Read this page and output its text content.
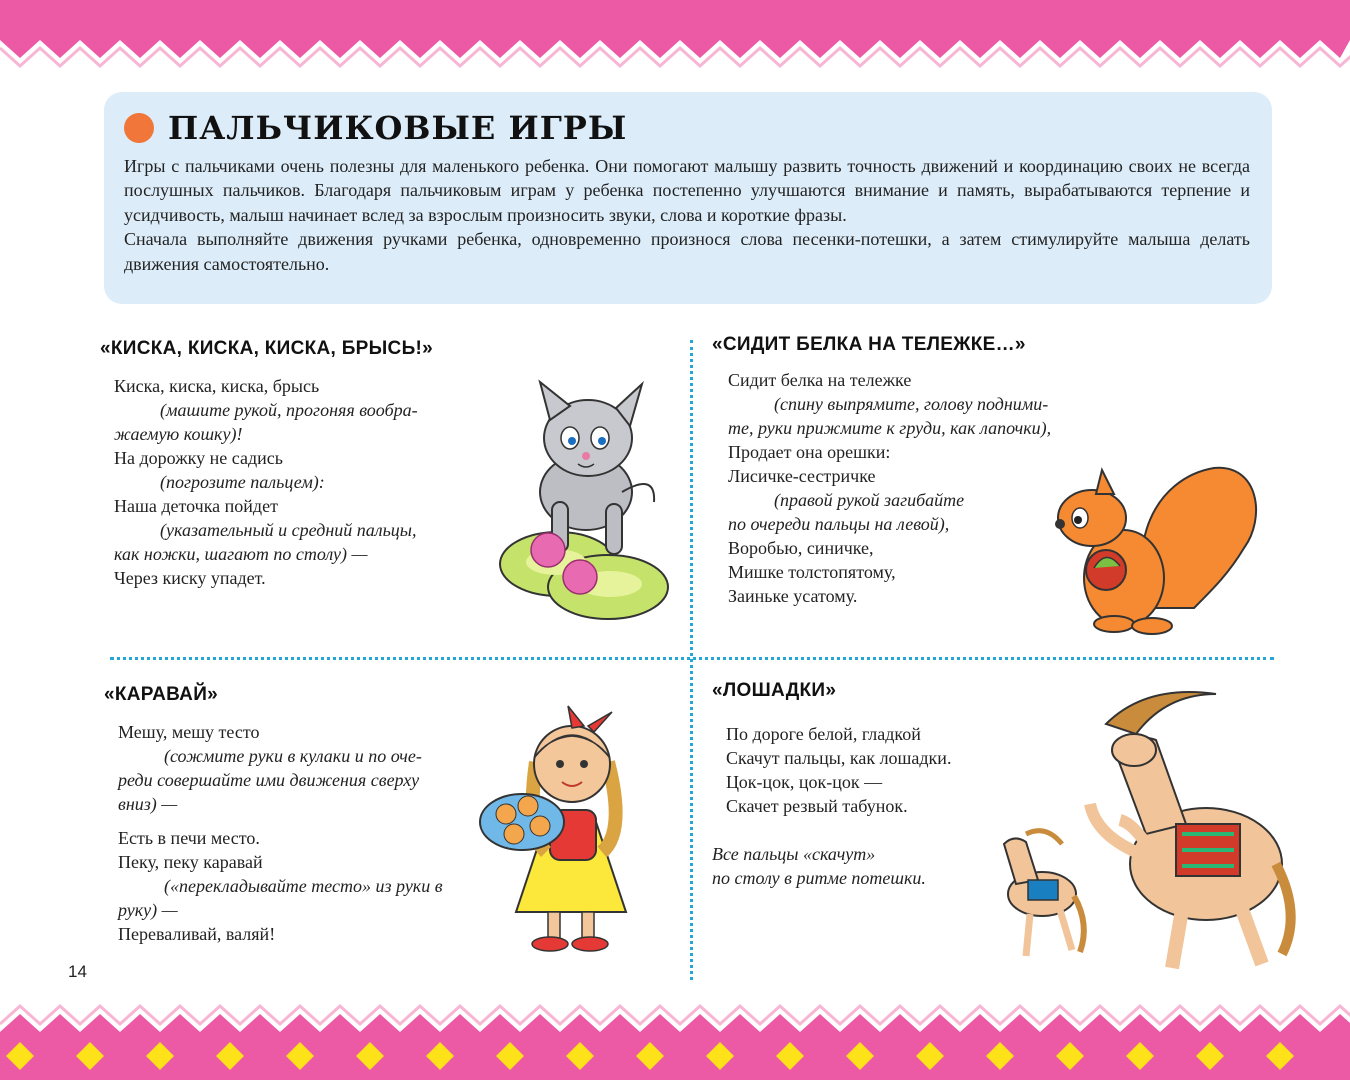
ПАЛЬЧИКОВЫЕ ИГРЫ

Игры с пальчиками очень полезны для маленького ребенка. Они помогают малышу развить точность движений и координацию своих не всегда послушных пальчиков. Благодаря пальчиковым играм у ребенка постепенно улучшаются внимание и память, вырабатываются терпение и усидчивость, малыш начинает вслед за взрослым произносить звуки, слова и короткие фразы.

Сначала выполняйте движения ручками ребенка, одновременно произнося слова песенки-потешки, а затем стимулируйте малыша делать движения самостоятельно.

«КИСКА, КИСКА, КИСКА, БРЫСЬ!»
Киска, киска, киска, брысь
(машите рукой, прогоняя вообра-
жаемую кошку)!
На дорожку не садись
(погрозите пальцем):
Наша деточка пойдет
(указательный и средний пальцы,
как ножки, шагают по столу) —
Через киску упадет.
«СИДИТ БЕЛКА НА ТЕЛЕЖКЕ…»
Сидит белка на тележке
(спину выпрямите, голову подними-
те, руки прижмите к груди, как лапочки),
Продает она орешки:
Лисичке-сестричке
(правой рукой загибайте
по очереди пальцы на левой),
Воробью, синичке,
Мишке толстопятому,
Заиньке усатому.
«КАРАВАЙ»
Мешу, мешу тесто
(сожмите руки в кулаки и по оче-
реди совершайте ими движения сверху
вниз) —
Есть в печи место.
Пеку, пеку каравай
(«перекладывайте тесто» из руки в
руку) —
Переваливай, валяй!
«ЛОШАДКИ»
По дороге белой, гладкой
Скачут пальцы, как лошадки.
Цок-цок, цок-цок —
Скачет резвый табунок.
Все пальцы «скачут»
по столу в ритме потешки.
14
